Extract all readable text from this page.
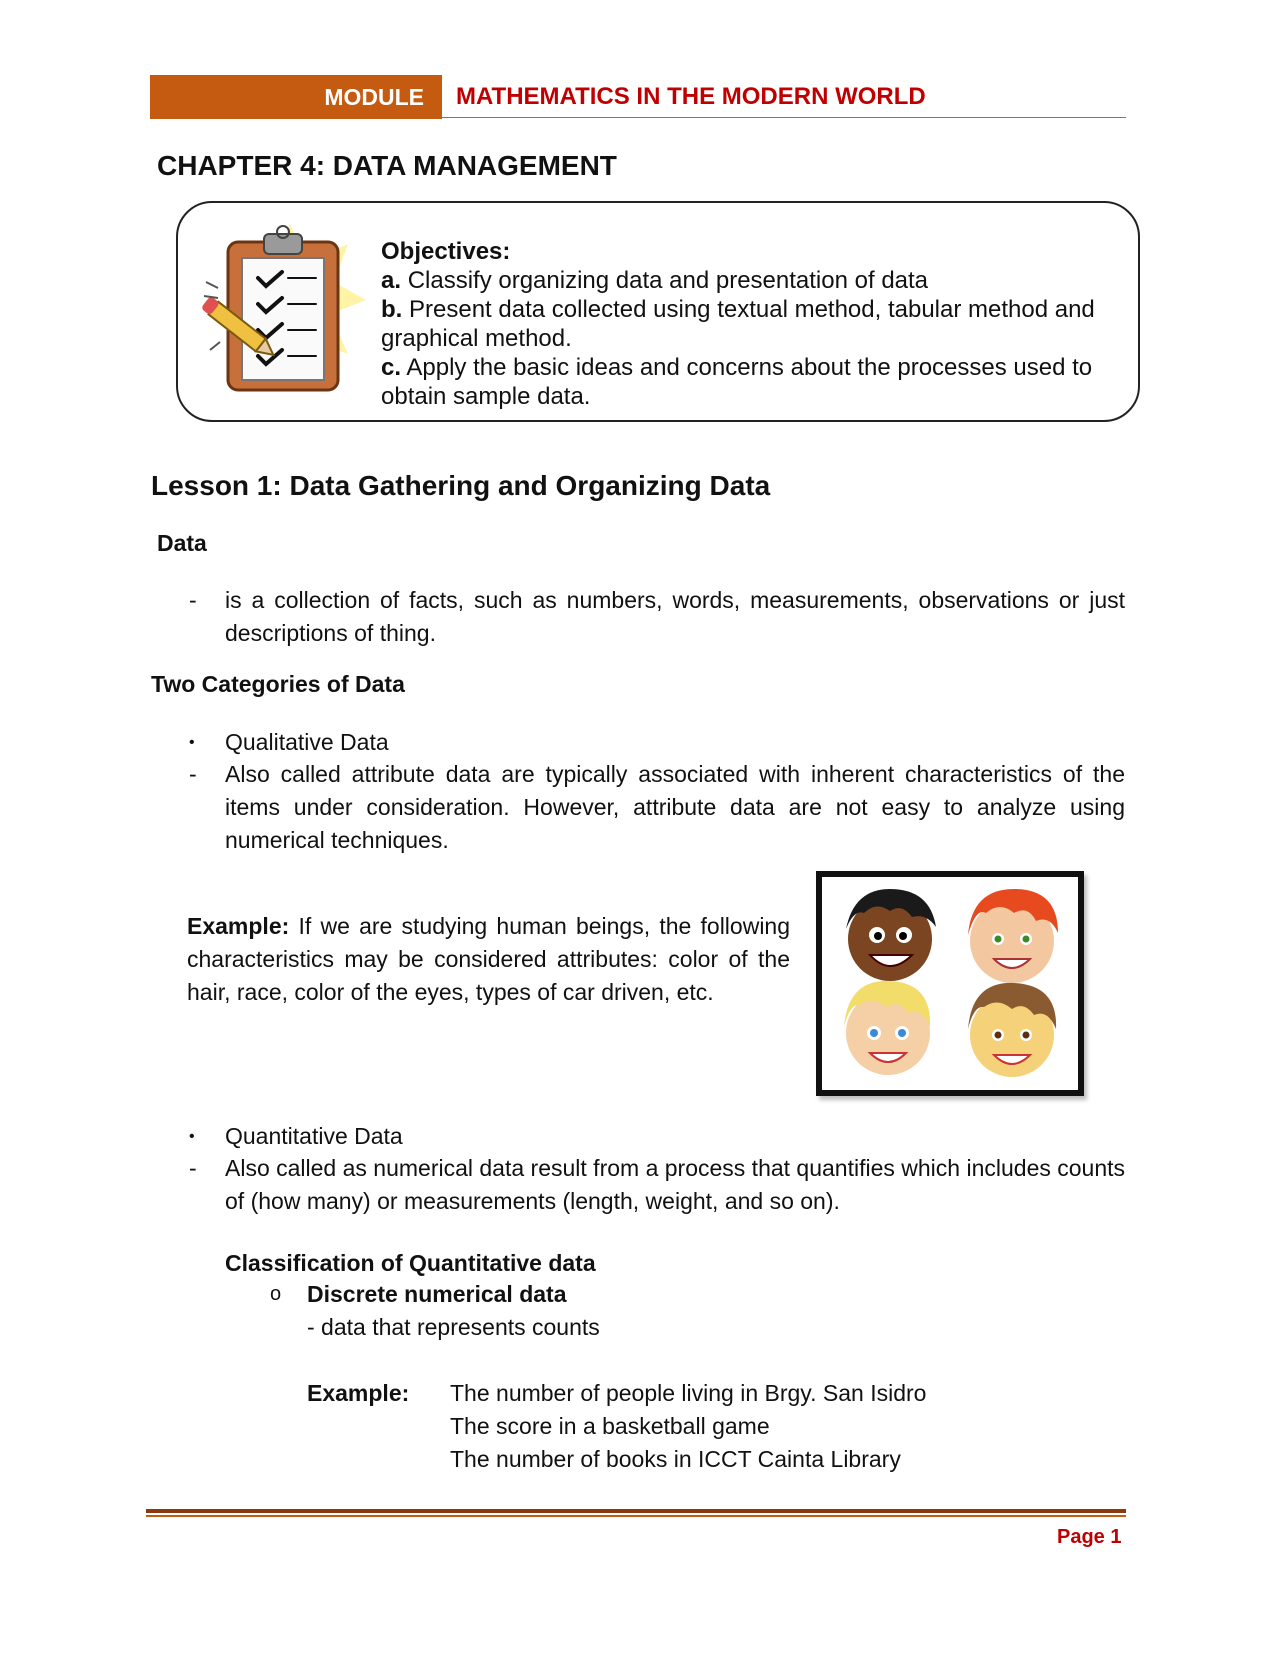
MODULE	MATHEMATICS IN THE MODERN WORLD
CHAPTER 4: DATA MANAGEMENT

Objectives:

a. Classify organizing data and presentation of data

b. Present data collected using textual method, tabular method and graphical method.

c. Apply the basic ideas and concerns about the processes used to obtain sample data.

Lesson 1: Data Gathering and Organizing Data
Data
- is a collection of facts, such as numbers, words, measurements, observations or just descriptions of thing.
Two Categories of Data
• Qualitative Data
- Also called attribute data are typically associated with inherent characteristics of the items under consideration. However, attribute data are not easy to analyze using numerical techniques.
Example: If we are studying human beings, the following characteristics may be considered attributes: color of the hair, race, color of the eyes, types of car driven, etc.
• Quantitative Data
- Also called as numerical data result from a process that quantifies which includes counts of (how many) or measurements (length, weight, and so on).
Classification of Quantitative data
o Discrete numerical data
- data that represents counts
Example: The number of people living in Brgy. San Isidro
The score in a basketball game
The number of books in ICCT Cainta Library
Page 1
